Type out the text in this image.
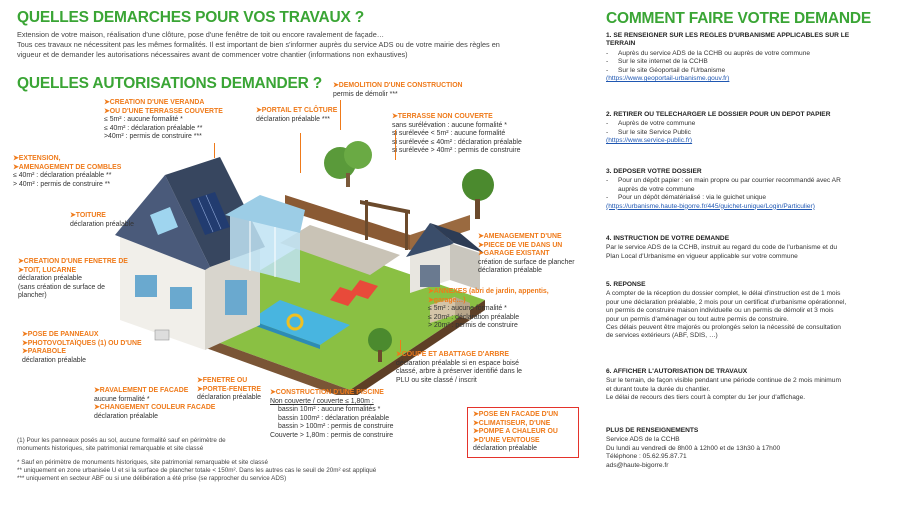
QUELLES DEMARCHES POUR VOS TRAVAUX ?
Extension de votre maison, réalisation d'une clôture, pose d'une fenêtre de toit ou encore ravalement de façade…
Tous ces travaux ne nécessitent pas les mêmes formalités. Il est important de bien s'informer auprès du service ADS ou de votre mairie des règles en
vigueur et de demander les autorisations nécessaires avant de commencer votre chantier (informations non exhaustives)
QUELLES AUTORISATIONS DEMANDER ?
➤ CREATION D'UNE VERANDA
➤ OU D'UNE TERRASSE COUVERTE
≤ 5m² : aucune formalité *
≤ 40m² : déclaration préalable **
>40m² : permis de construire ***
➤ PORTAIL ET CLÔTURE
déclaration préalable ***
➤ DEMOLITION D'UNE CONSTRUCTION
permis de démolir ***
➤ TERRASSE NON COUVERTE
sans surélévation : aucune formalité *
si surélevée < 5m² : aucune formalité
si surélevée ≤ 40m² : déclaration préalable
si surélevée > 40m² : permis de construire
➤ EXTENSION,
➤ AMENAGEMENT DE COMBLES
≤ 40m² : déclaration préalable **
> 40m² : permis de construire **
➤ TOITURE
déclaration préalable
➤ AMENAGEMENT D'UNE
➤ PIECE DE VIE DANS UN
➤ GARAGE EXISTANT
création de surface de plancher
déclaration préalable
➤ CREATION D'UNE FENETRE DE
➤ TOIT, LUCARNE
déclaration préalable
(sans création de surface de
plancher)
➤ ANNEXES (abri de jardin, appentis,
➤ garage…)
≤ 5m² : aucune formalité *
≤ 20m² : déclaration préalable
> 20m² : permis de construire
➤ POSE DE PANNEAUX
➤ PHOTOVOLTAÏQUES (1) OU D'UNE
➤ PARABOLE
déclaration préalable
➤ COUPE ET ABATTAGE D'ARBRE
déclaration préalable si en espace boisé
classé, arbre à préserver identifié dans le
PLU ou site classé / inscrit
➤ RAVALEMENT DE FACADE
aucune formalité *
➤ CHANGEMENT COULEUR FACADE
déclaration préalable
➤ FENETRE OU
➤ PORTE-FENETRE
déclaration préalable
➤ CONSTRUCTION D'UNE PISCINE
Non couverte / couverte ≤ 1,80m :
bassin 10m² : aucune formalités *
bassin 100m² : déclaration préalable
bassin > 100m² : permis de construire
Couverte > 1,80m : permis de construire
➤ POSE EN FACADE D'UN
➤ CLIMATISEUR, D'UNE
➤ POMPE A CHALEUR OU
➤ D'UNE VENTOUSE
déclaration préalable
(1) Pour les panneaux posés au sol, aucune formalité sauf en périmètre de
monuments historiques, site patrimonial remarquable et site classé
* Sauf en périmètre de monuments historiques, site patrimonial remarquable et site classé
** uniquement en zone urbanisée U et si la surface de plancher totale < 150m². Dans les autres cas le seuil de 20m² est appliqué
*** uniquement en secteur ABF ou si une délibération a été prise (se rapprocher du service ADS)
COMMENT FAIRE VOTRE DEMANDE
1. SE RENSEIGNER SUR LES REGLES D'URBANISME APPLICABLES SUR LE
TERRAIN
- Auprès du service ADS de la CCHB ou auprès de votre commune
- Sur le site internet de la CCHB
- Sur le site Géoportail de l'Urbanisme
(https://www.geoportail-urbanisme.gouv.fr)
2. RETIRER OU TELECHARGER LE DOSSIER POUR UN DEPOT PAPIER
- Auprès de votre commune
- Sur le site Service Public
(https://www.service-public.fr)
3. DEPOSER VOTRE DOSSIER
- Pour un dépôt papier : en main propre ou par courrier recommandé avec AR
auprès de votre commune
- Pour un dépôt dématérialisé : via le guichet unique
(https://urbanisme.haute-bigorre.fr/445/guichet-unique/Login/Particulier)
4. INSTRUCTION DE VOTRE DEMANDE
Par le service ADS de la CCHB, instruit au regard du code de l'urbanisme et du
Plan Local d'Urbanisme en vigueur applicable sur votre commune
5. REPONSE
A compter de la réception du dossier complet, le délai d'instruction est de 1 mois
pour une déclaration préalable, 2 mois pour un certificat d'urbanisme opérationnel,
un permis de construire maison individuelle ou un permis de démolir et 3 mois
pour un permis d'aménager ou tout autre permis de construire.
Ces délais peuvent être majorés ou prolongés selon la nécessité de consultation
de services extérieurs (ABF, SDIS, …)
6. AFFICHER L'AUTORISATION DE TRAVAUX
Sur le terrain, de façon visible pendant une période continue de 2 mois minimum
et durant toute la durée du chantier.
Le délai de recours des tiers court à compter du 1er jour d'affichage.
PLUS DE RENSEIGNEMENTS
Service ADS de la CCHB
Du lundi au vendredi de 8h00 à 12h00 et de 13h30 à 17h00
Téléphone : 05.62.95.87.71
ads@haute-bigorre.fr
